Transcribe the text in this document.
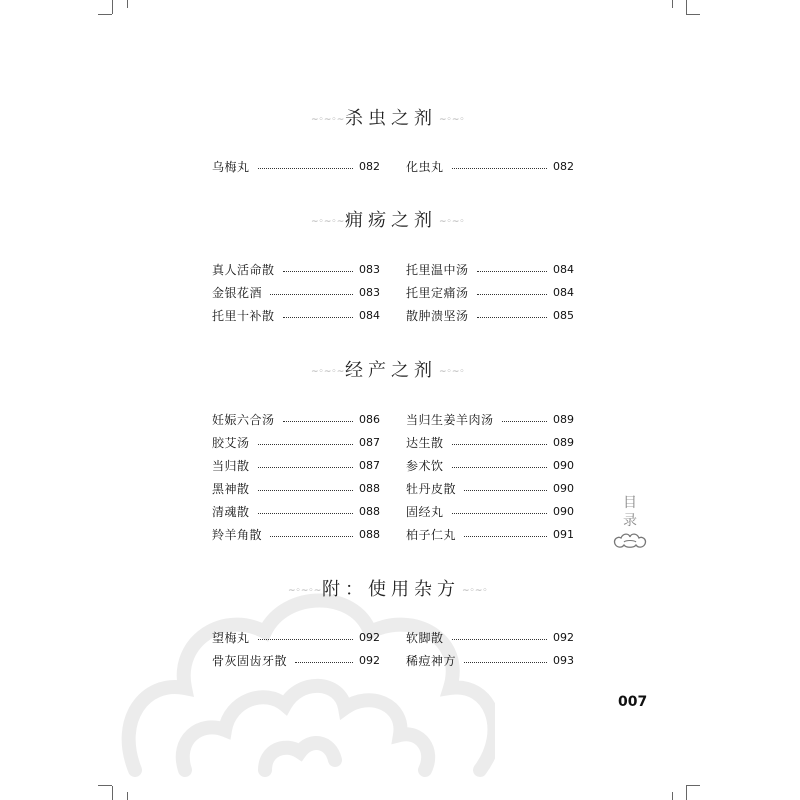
~◦~◦~杀虫之剂 ~◦~◦
乌梅丸	082 化虫丸	082
~◦~◦~痈疡之剂 ~◦~◦
真人活命散	083 托里温中汤	084
金银花酒	083 托里定痛汤	084
托里十补散	084 散肿溃坚汤	085
~◦~◦~经产之剂 ~◦~◦
妊娠六合汤	086 当归生姜羊肉汤	089
胶艾汤	087 达生散	089
当归散	087 参术饮	090
黑神散	088 牡丹皮散	090
清魂散	088 固经丸	090
羚羊角散	088 柏子仁丸	091
~◦~◦~附：使用杂方 ~◦~◦
望梅丸	092 软脚散	092
骨灰固齿牙散	092 稀痘神方	093
目
录
007
